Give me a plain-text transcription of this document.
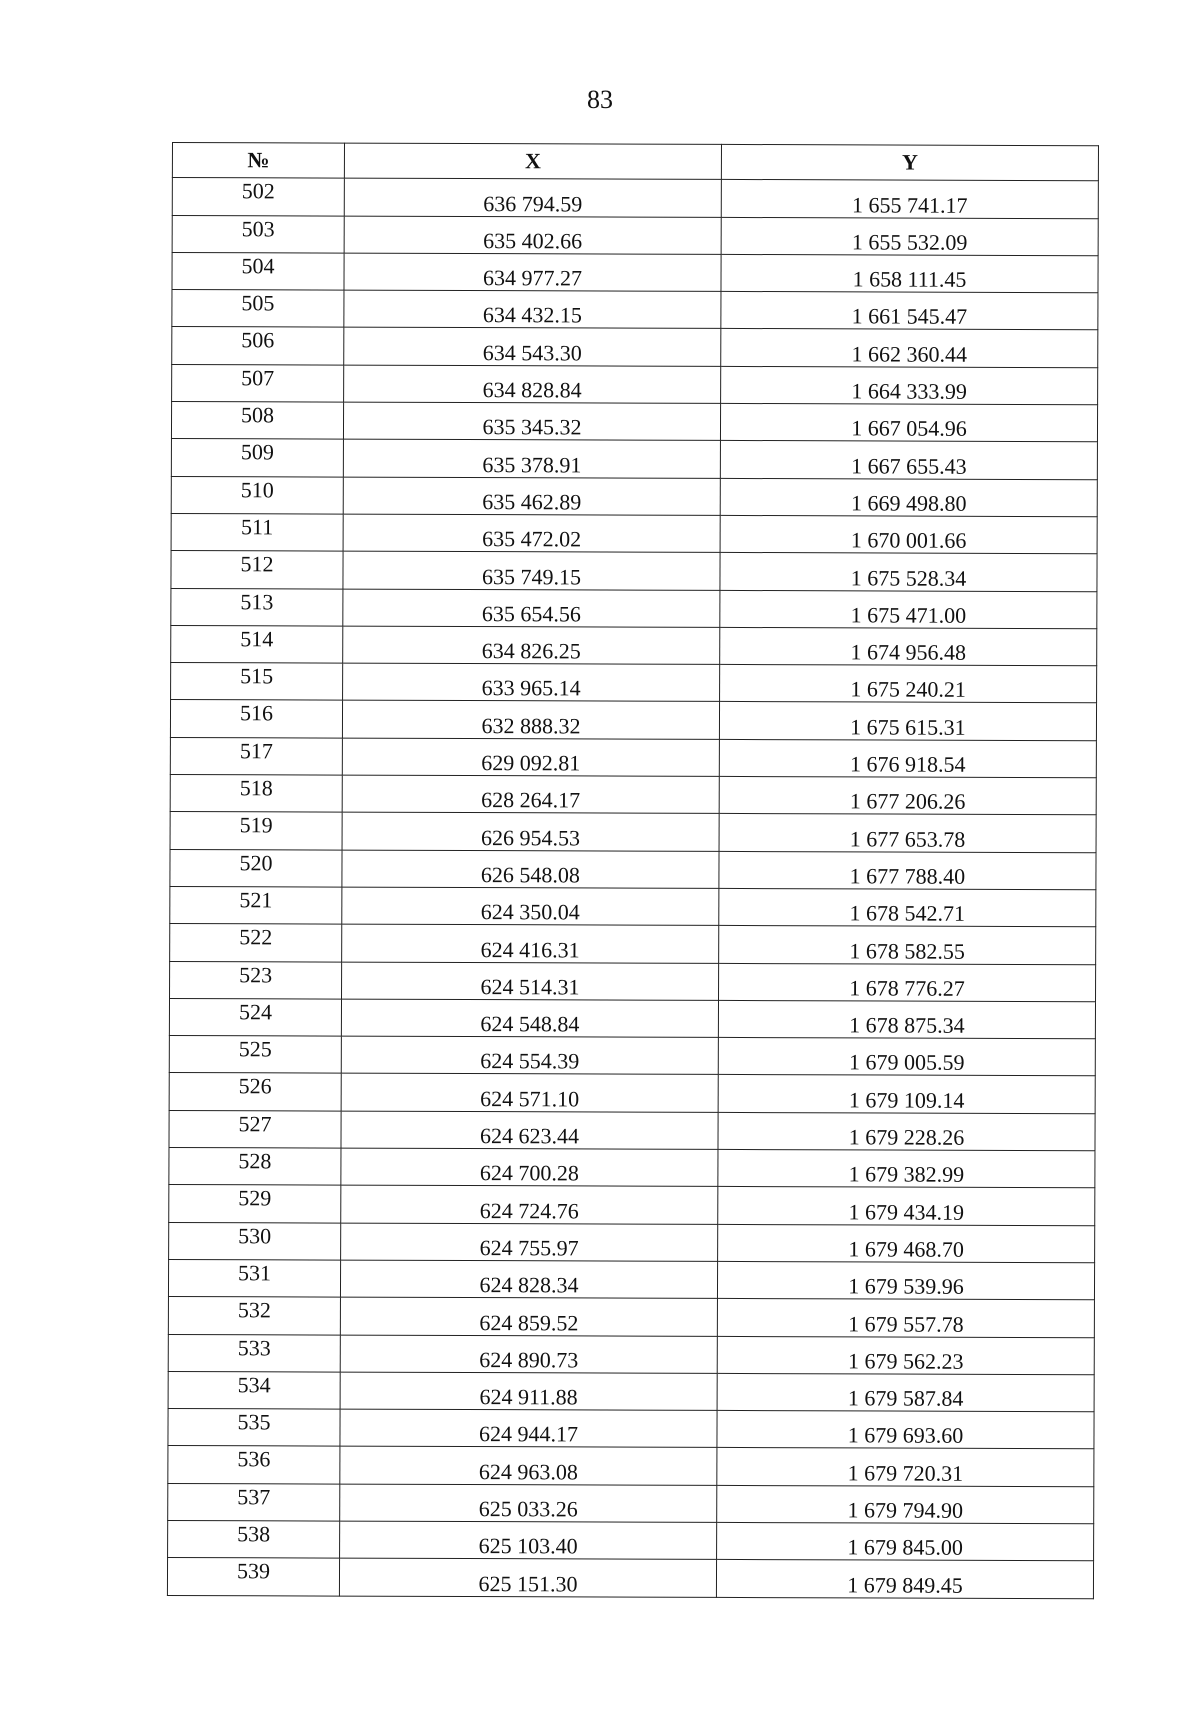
83
№	X	Y
502	636 794.59	1 655 741.17
503	635 402.66	1 655 532.09
504	634 977.27	1 658 111.45
505	634 432.15	1 661 545.47
506	634 543.30	1 662 360.44
507	634 828.84	1 664 333.99
508	635 345.32	1 667 054.96
509	635 378.91	1 667 655.43
510	635 462.89	1 669 498.80
511	635 472.02	1 670 001.66
512	635 749.15	1 675 528.34
513	635 654.56	1 675 471.00
514	634 826.25	1 674 956.48
515	633 965.14	1 675 240.21
516	632 888.32	1 675 615.31
517	629 092.81	1 676 918.54
518	628 264.17	1 677 206.26
519	626 954.53	1 677 653.78
520	626 548.08	1 677 788.40
521	624 350.04	1 678 542.71
522	624 416.31	1 678 582.55
523	624 514.31	1 678 776.27
524	624 548.84	1 678 875.34
525	624 554.39	1 679 005.59
526	624 571.10	1 679 109.14
527	624 623.44	1 679 228.26
528	624 700.28	1 679 382.99
529	624 724.76	1 679 434.19
530	624 755.97	1 679 468.70
531	624 828.34	1 679 539.96
532	624 859.52	1 679 557.78
533	624 890.73	1 679 562.23
534	624 911.88	1 679 587.84
535	624 944.17	1 679 693.60
536	624 963.08	1 679 720.31
537	625 033.26	1 679 794.90
538	625 103.40	1 679 845.00
539	625 151.30	1 679 849.45
